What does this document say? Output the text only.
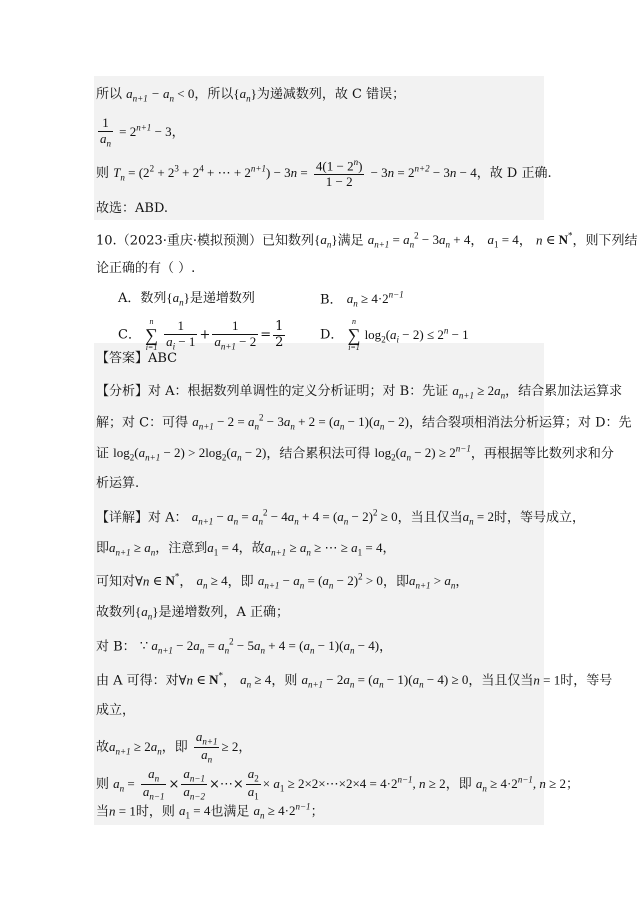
所以 $a_{n+1} - a_n < 0$，所以$\{a_n\}$为递减数列，故 C 错误；
$\frac{1}{a_n} = 2^{n+1} - 3$，
则 $T_n = (2^2 + 2^3 + 2^4$ + ⋯ + $2^{n+1}) - 3n = \frac{4(1 - 2^n)}{1 - 2} - 3n = 2^{n+2} - 3n - 4$，故 D 正确.
故选：ABD.
10.（2023·重庆·模拟预测）已知数列$\{a_n\}$满足 $a_{n+1} = a_n^2 - 3a_n + 4$， $a_1 = 4$， n ∈ N*，则下列结
论正确的有（ ）.
A．数列$\{a_n\}$是递增数列	B． $a_n \ge 4\cdot 2^{n-1}$
C． n
∑
$i=1 \frac{1}{a_i - 1} + \frac{1}{a_{n+1} - 2} = \frac{1}{2}$	D． n
∑
i=1 $\log_2(a_i - 2) \le 2^n - 1$
【答案】ABC
【分析】对 A：根据数列单调性的定义分析证明；对 B：先证 $a_{n+1} \ge 2a_n$，结合累加法运算求
解；对 C：可得 $a_{n+1} - 2 = a_n^2 - 3a_n + 2 = (a_n - 1)(a_n - 2)$，结合裂项相消法分析运算；对 D：先
证 $\log_2(a_{n+1} - 2) > 2\log_2(a_n - 2)$，结合累积法可得 $\log_2(a_n - 2) \ge 2^{n-1}$，再根据等比数列求和分
析运算.
【详解】对 A： $a_{n+1} - a_n = a_n^2 - 4a_n + 4 = (a_n - 2)^2 \ge 0$，当且仅当$a_n = 2$时，等号成立，
即$a_{n+1} \ge a_n$，注意到$a_1 = 4$，故$a_{n+1} \ge a_n$ ≥ ⋯ ≥ $a_1 = 4$，
可知对∀n ∈ N*， $a_n \ge 4$，即 $a_{n+1} - a_n = (a_n - 2)^2 > 0$，即$a_{n+1} > a_n$，
故数列$\{a_n\}$是递增数列，A 正确；
对 B： ∵ $a_{n+1} - 2a_n = a_n^2 - 5a_n + 4 = (a_n - 1)(a_n - 4)$，
由 A 可得：对∀n ∈ N*， $a_n \ge 4$，则 $a_{n+1} - 2a_n = (a_n - 1)(a_n - 4) \ge 0$，当且仅当n = 1时，等号
成立，
故$a_{n+1} \ge 2a_n$，即 $\frac{a_{n+1}}{a_n} \ge 2$，
则 $a_n = \frac{a_n}{a_{n-1}} \times \frac{a_{n-1}}{a_{n-2}}$ ×⋯× $\frac{a_2}{a_1} \times a_1$ ≥ 2×2×⋯×2×4 = $4\cdot 2^{n-1}$, n ≥ 2，即 $a_n \ge 4\cdot 2^{n-1}$, n ≥ 2；
当n = 1时，则 $a_1 = 4$也满足 $a_n \ge 4\cdot 2^{n-1}$；
